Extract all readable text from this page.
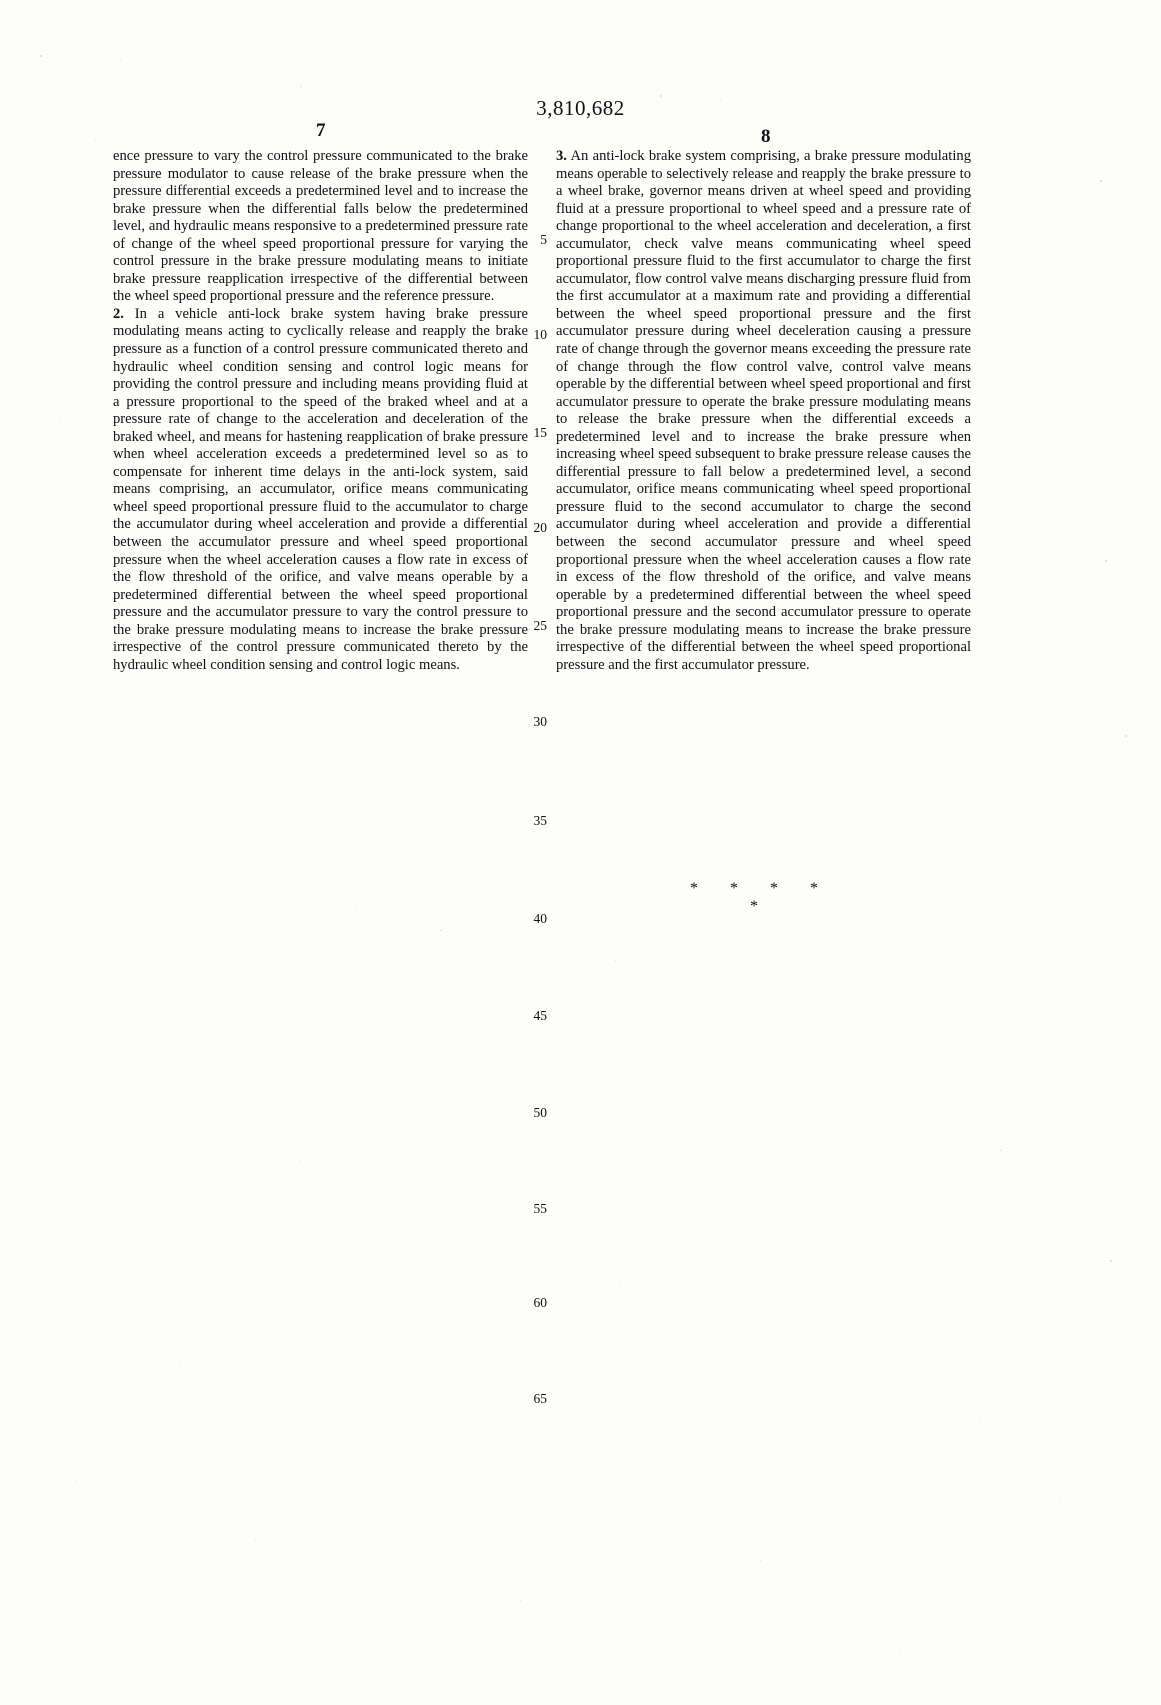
3,810,682
7	8

ence pressure to vary the control pressure communicated to the brake pressure modulator to cause release of the brake pressure when the pressure differential exceeds a predetermined level and to increase the brake pressure when the differential falls below the predetermined level, and hydraulic means responsive to a predetermined pressure rate of change of the wheel speed proportional pressure for varying the control pressure in the brake pressure modulating means to initiate brake pressure reapplication irrespective of the differential between the wheel speed proportional pressure and the reference pressure.

2. In a vehicle anti-lock brake system having brake pressure modulating means acting to cyclically release and reapply the brake pressure as a function of a control pressure communicated thereto and hydraulic wheel condition sensing and control logic means for providing the control pressure and including means providing fluid at a pressure proportional to the speed of the braked wheel and at a pressure rate of change to the acceleration and deceleration of the braked wheel, and means for hastening reapplication of brake pressure when wheel acceleration exceeds a predetermined level so as to compensate for inherent time delays in the anti-lock system, said means comprising, an accumulator, orifice means communicating wheel speed proportional pressure fluid to the accumulator to charge the accumulator during wheel acceleration and provide a differential between the accumulator pressure and wheel speed proportional pressure when the wheel acceleration causes a flow rate in excess of the flow threshold of the orifice, and valve means operable by a predetermined differential between the wheel speed proportional pressure and the accumulator pressure to vary the control pressure to the brake pressure modulating means to increase the brake pressure irrespective of the control pressure communicated thereto by the hydraulic wheel condition sensing and control logic means.

3. An anti-lock brake system comprising, a brake pressure modulating means operable to selectively release and reapply the brake pressure to a wheel brake, governor means driven at wheel speed and providing fluid at a pressure proportional to wheel speed and a pressure rate of change proportional to the wheel acceleration and deceleration, a first accumulator, check valve means communicating wheel speed proportional pressure fluid to the first accumulator to charge the first accumulator, flow control valve means discharging pressure fluid from the first accumulator at a maximum rate and providing a differential between the wheel speed proportional pressure and the first accumulator pressure during wheel deceleration causing a pressure rate of change through the governor means exceeding the pressure rate of change through the flow control valve, control valve means operable by the differential between wheel speed proportional and first accumulator pressure to operate the brake pressure modulating means to release the brake pressure when the differential exceeds a predetermined level and to increase the brake pressure when increasing wheel speed subsequent to brake pressure release causes the differential pressure to fall below a predetermined level, a second accumulator, orifice means communicating wheel speed proportional pressure fluid to the second accumulator to charge the second accumulator during wheel acceleration and provide a differential between the second accumulator pressure and wheel speed proportional pressure when the wheel acceleration causes a flow rate in excess of the flow threshold of the orifice, and valve means operable by a predetermined differential between the wheel speed proportional pressure and the second accumulator pressure to operate the brake pressure modulating means to increase the brake pressure irrespective of the differential between the wheel speed proportional pressure and the first accumulator pressure.

5
10
15
20
25
30
35
40
45
50
55
60
65
* * * * *
